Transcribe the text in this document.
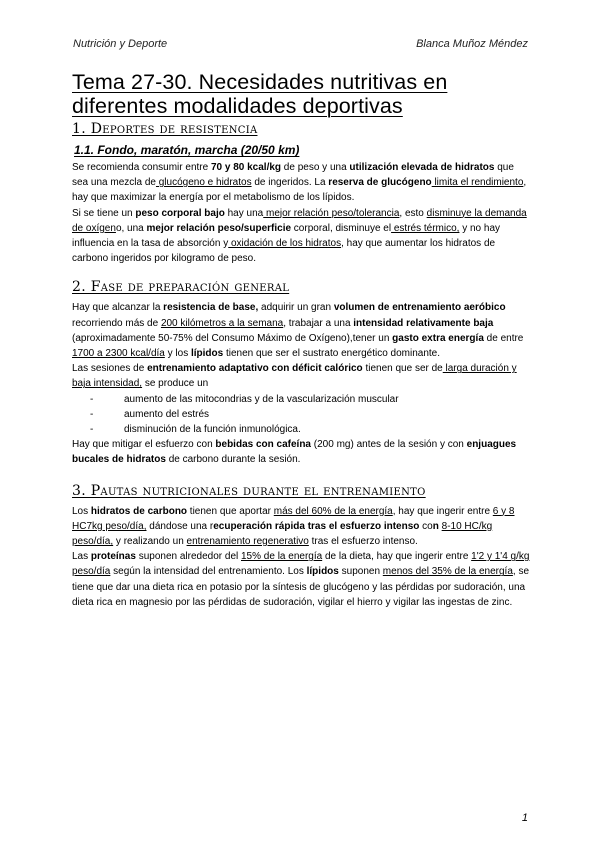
Nutrición y Deporte	Blanca Muñoz Méndez
Tema 27-30. Necesidades nutritivas en
diferentes modalidades deportivas
1. Deportes de resistencia
1.1. Fondo, maratón, marcha (20/50 km)

Se recomienda consumir entre 70 y 80 kcal/kg de peso y una utilización elevada de hidratos que sea una mezcla de glucógeno e hidratos de ingeridos. La reserva de glucógeno limita el rendimiento, hay que maximizar la energía por el metabolismo de los lípidos.

Si se tiene un peso corporal bajo hay una mejor relación peso/tolerancia, esto disminuye la demanda de oxígeno, una mejor relación peso/superficie corporal, disminuye el estrés térmico, y no hay influencia en la tasa de absorción y oxidación de los hidratos, hay que aumentar los hidratos de carbono ingeridos por kilogramo de peso.

2. Fase de preparación general

Hay que alcanzar la resistencia de base, adquirir un gran volumen de entrenamiento aeróbico recorriendo más de 200 kilómetros a la semana, trabajar a una intensidad relativamente baja (aproximadamente 50-75% del Consumo Máximo de Oxígeno),tener un gasto extra energía de entre 1700 a 2300 kcal/día y los lípidos tienen que ser el sustrato energético dominante.

Las sesiones de entrenamiento adaptativo con déficit calórico tienen que ser de larga duración y baja intensidad, se produce un

- aumento de las mitocondrias y de la vascularización muscular
- aumento del estrés
- disminución de la función inmunológica.

Hay que mitigar el esfuerzo con bebidas con cafeína (200 mg) antes de la sesión y con enjuagues bucales de hidratos de carbono durante la sesión.

3. Pautas nutricionales durante el entrenamiento

Los hidratos de carbono tienen que aportar más del 60% de la energía, hay que ingerir entre 6 y 8 HC7kg peso/día, dándose una recuperación rápida tras el esfuerzo intenso con 8-10 HC/kg peso/día, y realizando un entrenamiento regenerativo tras el esfuerzo intenso.

Las proteínas suponen alrededor del 15% de la energía de la dieta, hay que ingerir entre 1'2 y 1'4 g/kg peso/día según la intensidad del entrenamiento. Los lípidos suponen menos del 35% de la energía, se tiene que dar una dieta rica en potasio por la síntesis de glucógeno y las pérdidas por sudoración, una dieta rica en magnesio por las pérdidas de sudoración, vigilar el hierro y vigilar las ingestas de zinc.

1
